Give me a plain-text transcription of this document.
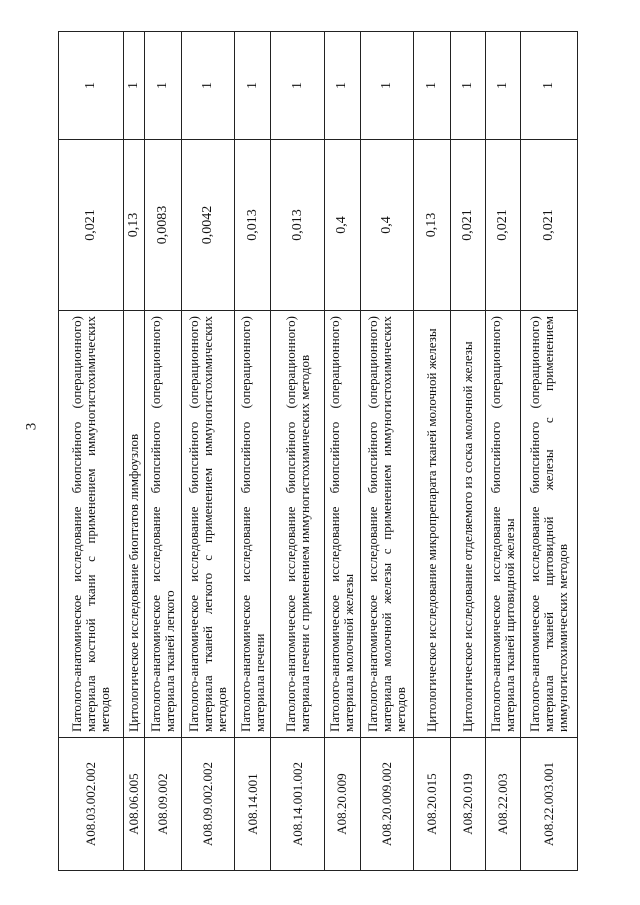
3
A08.03.002.002	Патолого-анатомическое исследование биопсийного (операционного) материала костной ткани с применением иммуногистохимических методов	0,021	1
A08.06.005	Цитологическое исследование биоптатов лимфоузлов	0,13	1
A08.09.002	Патолого-анатомическое исследование биопсийного (операционного) материала тканей легкого	0,0083	1
A08.09.002.002	Патолого-анатомическое исследование биопсийного (операционного) материала тканей легкого с применением иммуногистохимических методов	0,0042	1
A08.14.001	Патолого-анатомическое исследование биопсийного (операционного) материала печени	0,013	1
A08.14.001.002	Патолого-анатомическое исследование биопсийного (операционного) материала печени с применением иммуногистохимических методов	0,013	1
A08.20.009	Патолого-анатомическое исследование биопсийного (операционного) материала молочной железы	0,4	1
A08.20.009.002	Патолого-анатомическое исследование биопсийного (операционного) материала молочной железы с применением иммуногистохимических методов	0,4	1
A08.20.015	Цитологическое исследование микропрепарата тканей молочной железы	0,13	1
A08.20.019	Цитологическое исследование отделяемого из соска молочной железы	0,021	1
A08.22.003	Патолого-анатомическое исследование биопсийного (операционного) материала тканей щитовидной железы	0,021	1
A08.22.003.001	Патолого-анатомическое исследование биопсийного (операционного) материала тканей щитовидной железы с применением иммуногистохимических методов	0,021	1
